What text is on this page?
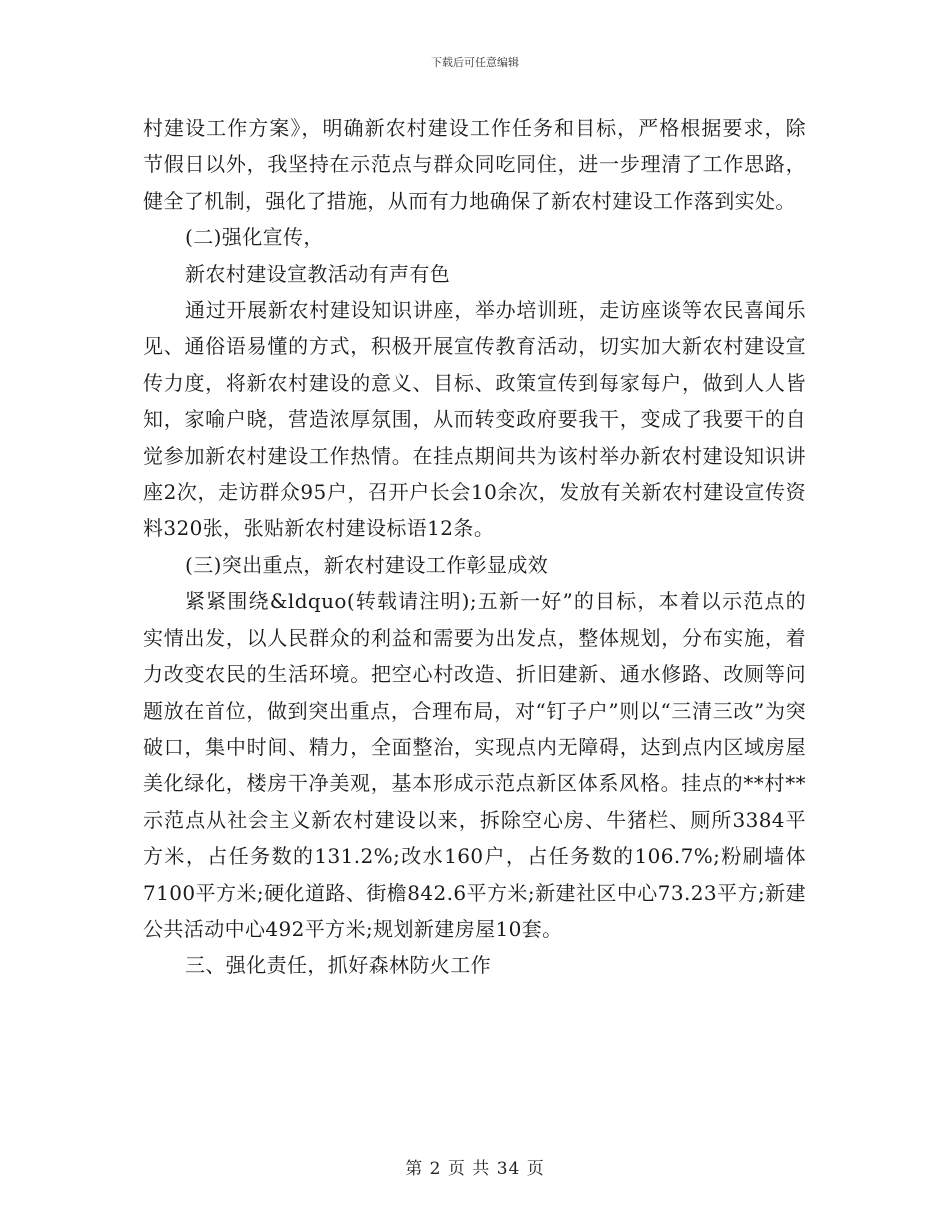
下载后可任意编辑

村建设工作方案》，明确新农村建设工作任务和目标，严格根据要求，除节假日以外，我坚持在示范点与群众同吃同住，进一步理清了工作思路，健全了机制，强化了措施，从而有力地确保了新农村建设工作落到实处。

(二)强化宣传，

新农村建设宣教活动有声有色

通过开展新农村建设知识讲座，举办培训班，走访座谈等农民喜闻乐见、通俗语易懂的方式，积极开展宣传教育活动，切实加大新农村建设宣传力度，将新农村建设的意义、目标、政策宣传到每家每户，做到人人皆知，家喻户晓，营造浓厚氛围，从而转变政府要我干，变成了我要干的自觉参加新农村建设工作热情。在挂点期间共为该村举办新农村建设知识讲座2次，走访群众95户，召开户长会10余次，发放有关新农村建设宣传资料320张，张贴新农村建设标语12条。

(三)突出重点，新农村建设工作彰显成效

紧紧围绕&ldquo(转载请注明);五新一好”的目标，本着以示范点的实情出发，以人民群众的利益和需要为出发点，整体规划，分布实施，着力改变农民的生活环境。把空心村改造、折旧建新、通水修路、改厕等问题放在首位，做到突出重点，合理布局，对“钉子户”则以“三清三改”为突破口，集中时间、精力，全面整治，实现点内无障碍，达到点内区域房屋美化绿化，楼房干净美观，基本形成示范点新区体系风格。挂点的**村**示范点从社会主义新农村建设以来，拆除空心房、牛猪栏、厕所3384平方米，占任务数的131.2%;改水160户，占任务数的106.7%;粉刷墙体7100平方米;硬化道路、街檐842.6平方米;新建社区中心73.23平方;新建公共活动中心492平方米;规划新建房屋10套。

三、强化责任，抓好森林防火工作

第 2 页 共 34 页
